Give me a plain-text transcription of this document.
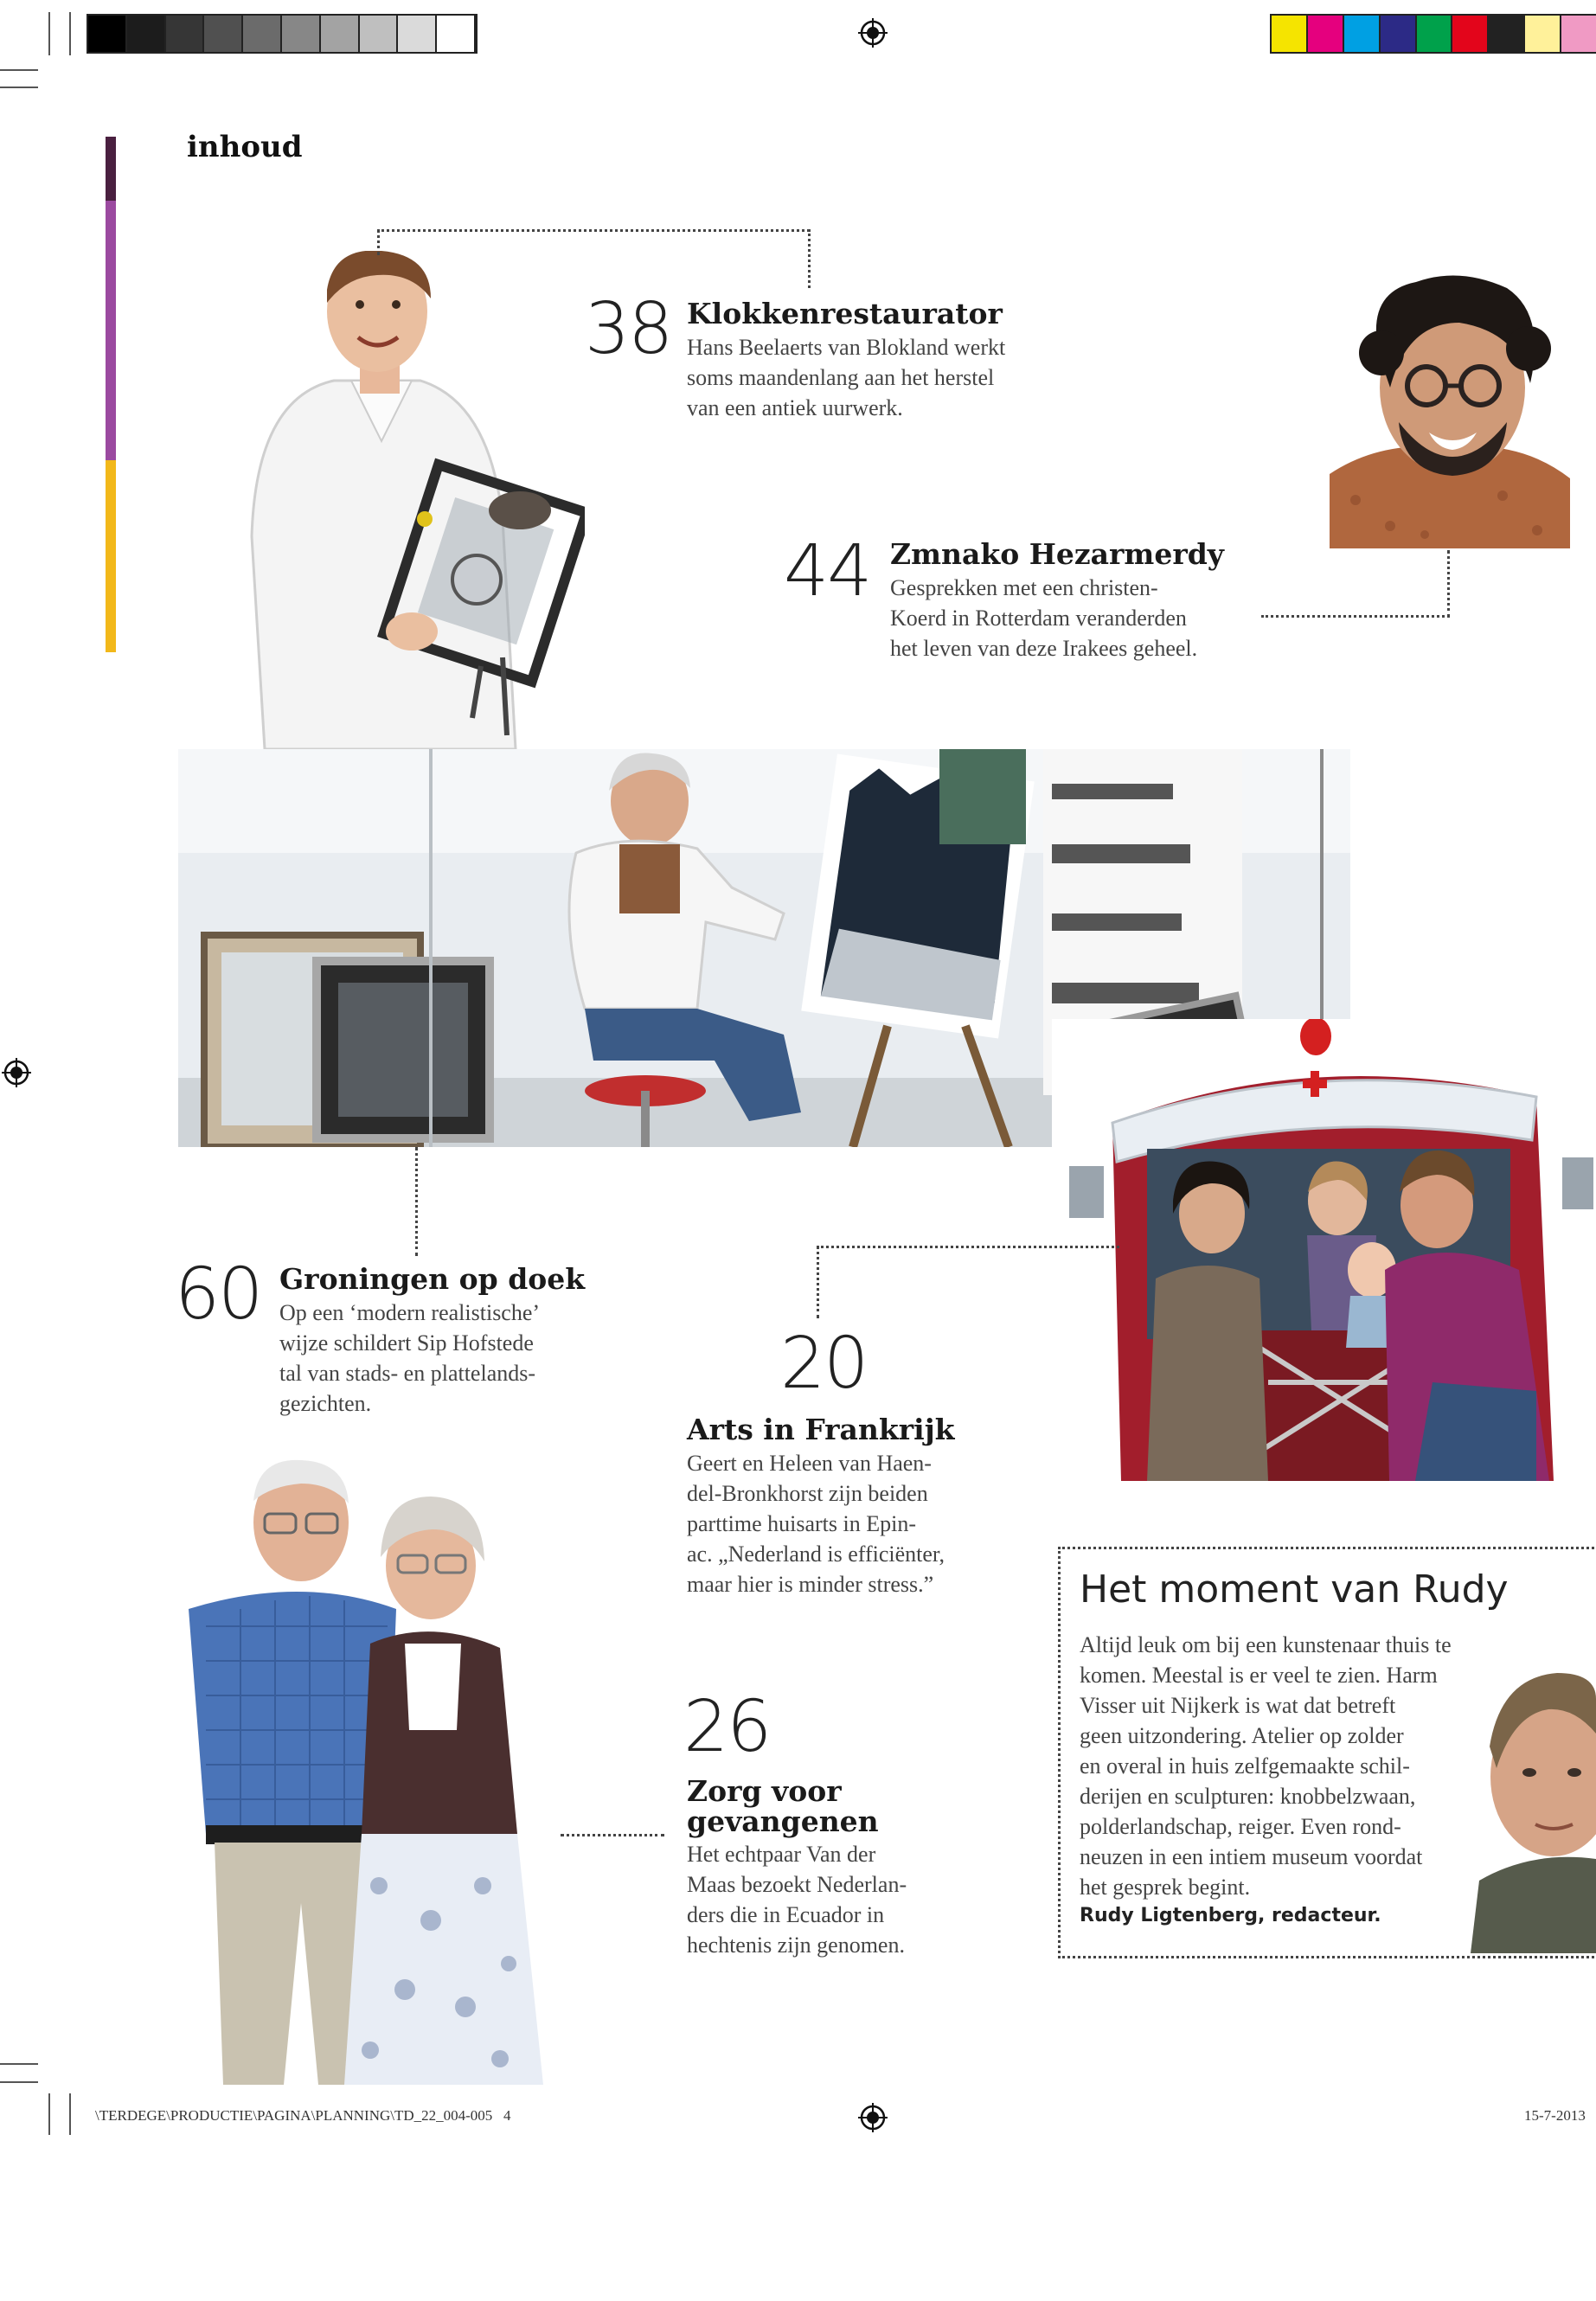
inhoud
38 Klokkenrestaurator
Hans Beelaerts van Blokland werkt
soms maandenlang aan het herstel
van een antiek uurwerk.
44 Zmnako Hezarmerdy
Gesprekken met een christen-
Koerd in Rotterdam veranderden
het leven van deze Irakees geheel.
60 Groningen op doek
Op een ‘modern realistische’
wijze schildert Sip Hofstede
tal van stads- en plattelands-
gezichten.	20
Arts in Frankrijk
Geert en Heleen van Haen-
del-Bronkhorst zijn beiden
parttime huisarts in Epin-
ac. „Nederland is efficiënter,
maar hier is minder stress.”
26
Zorg voor
gevangenen
Het echtpaar Van der
Maas bezoekt Nederlan-
ders die in Ecuador in
hechtenis zijn genomen.
Het moment van Rudy
Altijd leuk om bij een kunstenaar thuis te
komen. Meestal is er veel te zien. Harm
Visser uit Nijkerk is wat dat betreft
geen uitzondering. Atelier op zolder
en overal in huis zelfgemaakte schil-
derijen en sculpturen: knobbelzwaan,
polderlandschap, reiger. Even rond-
neuzen in een intiem museum voordat
het gesprek begint.
Rudy Ligtenberg, redacteur.
\TERDEGE\PRODUCTIE\PAGINA\PLANNING\TD_22_004-005   4	15-7-2013
